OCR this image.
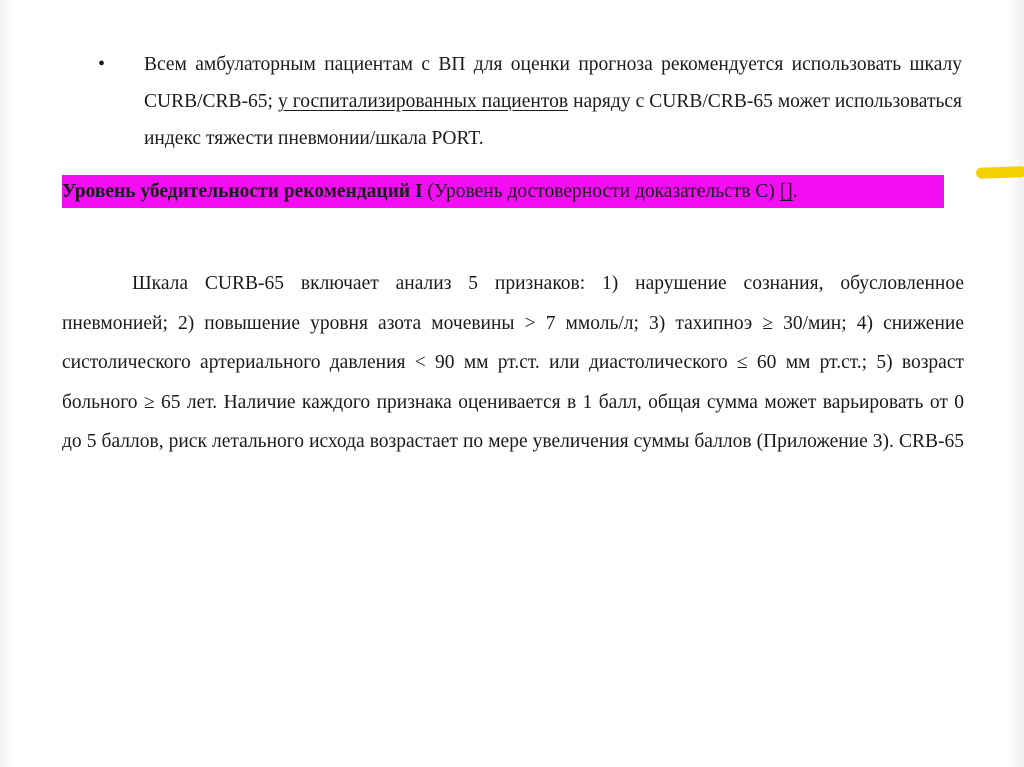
• Всем амбулаторным пациентам с ВП для оценки прогноза рекомендуется использовать шкалу CURB/CRB-65; у госпитализированных пациентов наряду с CURB/CRB-65 может использоваться индекс тяжести пневмонии/шкала PORT.
Уровень убедительности рекомендаций I (Уровень достоверности доказательств С) [].
Шкала CURB-65 включает анализ 5 признаков: 1) нарушение сознания, обусловленное пневмонией; 2) повышение уровня азота мочевины > 7 ммоль/л; 3) тахипноэ ≥ 30/мин; 4) снижение систолического артериального давления < 90 мм рт.ст. или диастолического ≤ 60 мм рт.ст.; 5) возраст больного ≥ 65 лет. Наличие каждого признака оценивается в 1 балл, общая сумма может варьировать от 0 до 5 баллов, риск летального исхода возрастает по мере увеличения суммы баллов (Приложение 3). CRB-65
